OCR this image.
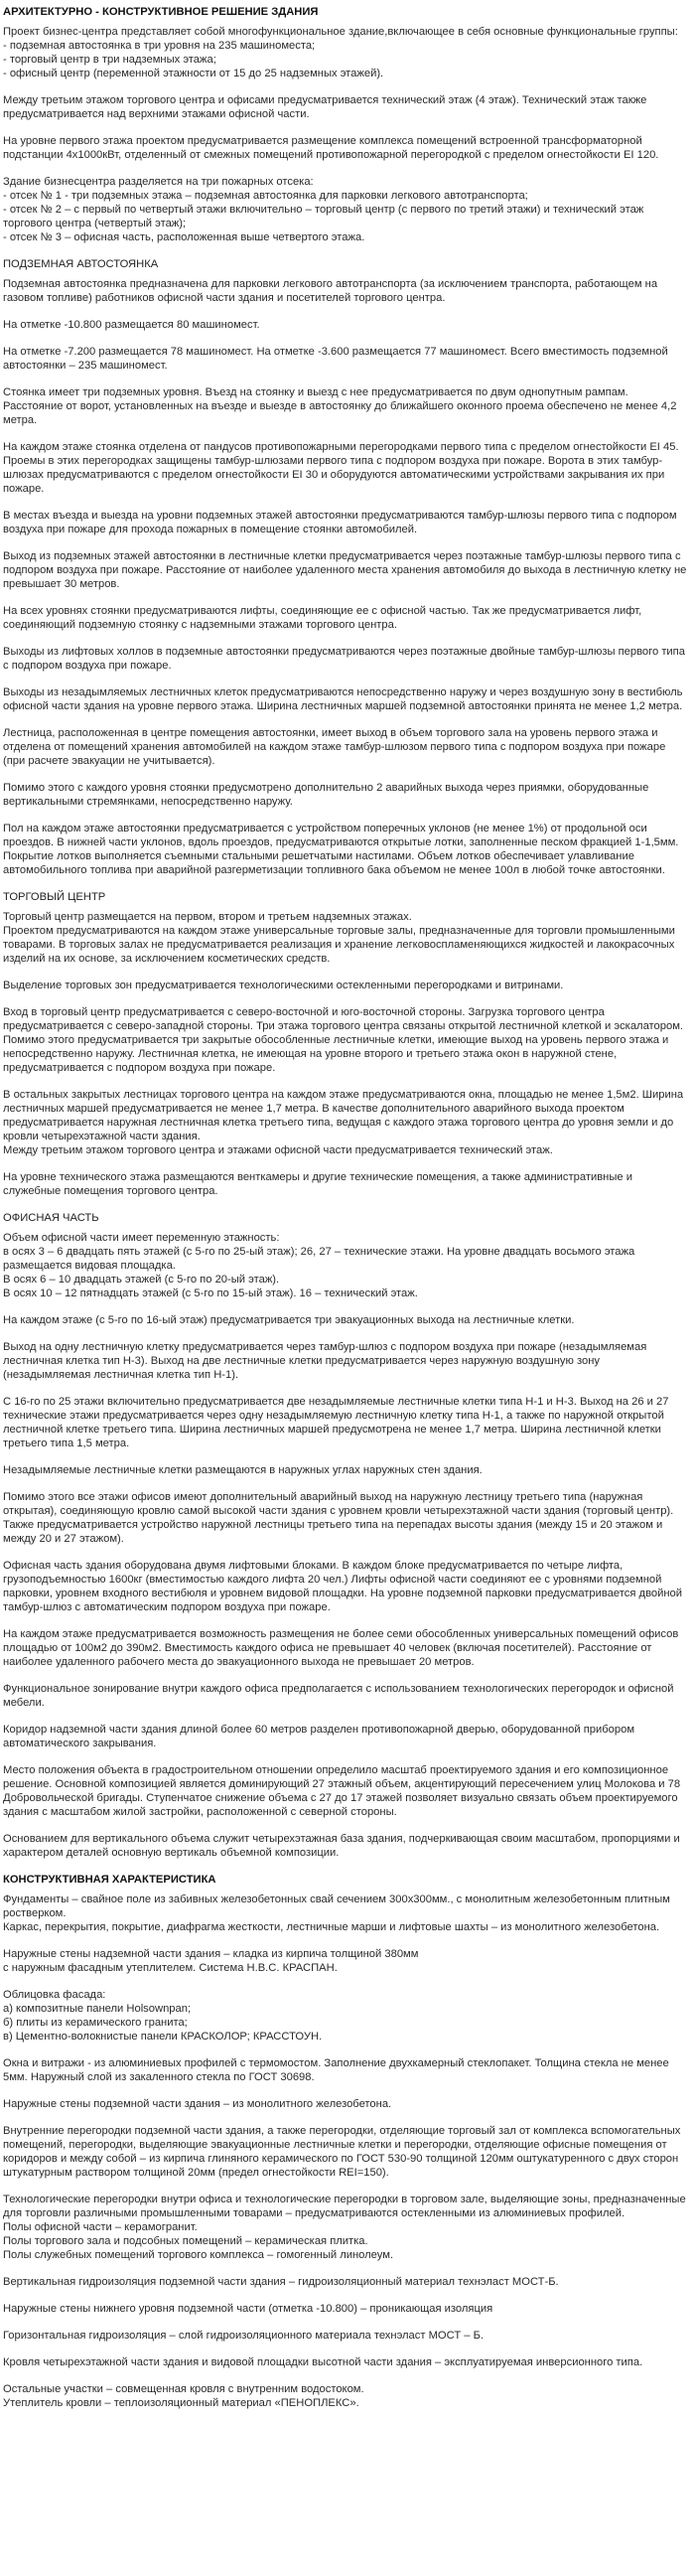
АРХИТЕКТУРНО - КОНСТРУКТИВНОЕ РЕШЕНИЕ ЗДАНИЯ

Проект бизнес-центра представляет собой многофункциональное здание,включающее в себя основные функциональные группы:
- подземная автостоянка в три уровня на 235 машиноместа;
- торговый центр в три надземных этажа;
- офисный центр (переменной этажности от 15 до 25 надземных этажей).

Между третьим этажом торгового центра и офисами предусматривается технический этаж (4 этаж). Технический этаж также предусматривается над верхними этажами офисной части.

На уровне первого этажа проектом предусматривается размещение комплекса помещений встроенной трансформаторной подстанции 4х1000кВт, отделенный от смежных помещений противопожарной перегородкой с пределом огнестойкости EI 120.

Здание бизнесцентра разделяется на три пожарных отсека:
- отсек № 1 - три подземных этажа – подземная автостоянка для парковки легкового автотранспорта;
- отсек № 2 – с первый по четвертый этажи включительно – торговый центр (с первого по третий этажи) и технический этаж торгового центра (четвертый этаж);
- отсек № 3 – офисная часть, расположенная выше четвертого этажа.

ПОДЗЕМНАЯ АВТОСТОЯНКА

Подземная автостоянка предназначена для парковки легкового автотранспорта (за исключением транспорта, работающем на газовом топливе) работников офисной части здания и посетителей торгового центра.

На отметке -10.800 размещается 80 машиномест.

На отметке -7.200 размещается 78 машиномест. На отметке -3.600 размещается 77 машиномест. Всего вместимость подземной автостоянки – 235 машиномест.

Стоянка имеет три подземных уровня. Въезд на стоянку и выезд с нее предусматривается по двум однопутным рампам. Расстояние от ворот, установленных на въезде и выезде в автостоянку до ближайшего оконного проема обеспечено не менее 4,2 метра.

На каждом этаже стоянка отделена от пандусов противопожарными перегородками первого типа с пределом огнестойкости EI 45. Проемы в этих перегородках защищены тамбур-шлюзами первого типа с подпором воздуха при пожаре. Ворота в этих тамбур-шлюзах предусматриваются с пределом огнестойкости EI 30 и оборудуются автоматическими устройствами закрывания их при пожаре.

В местах въезда и выезда на уровни подземных этажей автостоянки предусматриваются тамбур-шлюзы первого типа с подпором воздуха при пожаре для прохода пожарных в помещение стоянки автомобилей.

Выход из подземных этажей автостоянки в лестничные клетки предусматривается через поэтажные тамбур-шлюзы первого типа с подпором воздуха при пожаре. Расстояние от наиболее удаленного места хранения автомобиля до выхода в лестничную клетку не превышает 30 метров.

На всех уровнях стоянки предусматриваются лифты, соединяющие ее с офисной частью. Так же предусматривается лифт, соединяющий подземную стоянку с надземными этажами торгового центра.

Выходы из лифтовых холлов в подземные автостоянки предусматриваются через поэтажные двойные тамбур-шлюзы первого типа с подпором воздуха при пожаре.

Выходы из незадымляемых лестничных клеток предусматриваются непосредственно наружу и через воздушную зону в вестибюль офисной части здания на уровне первого этажа. Ширина лестничных маршей подземной автостоянки принята не менее 1,2 метра.

Лестница, расположенная в центре помещения автостоянки, имеет выход в объем торгового зала на уровень первого этажа и отделена от помещений хранения автомобилей на каждом этаже тамбур-шлюзом первого типа с подпором воздуха при пожаре (при расчете эвакуации не учитывается).

Помимо этого с каждого уровня стоянки предусмотрено дополнительно 2 аварийных выхода через приямки, оборудованные вертикальными стремянками, непосредственно наружу.

Пол на каждом этаже автостоянки предусматривается с устройством поперечных уклонов (не менее 1%) от продольной оси проездов. В нижней части уклонов, вдоль проездов, предусматриваются открытые лотки, заполненные песком фракцией 1-1,5мм. Покрытие лотков выполняется съемными стальными решетчатыми настилами. Объем лотков обеспечивает улавливание автомобильного топлива при аварийной разгерметизации топливного бака объемом не менее 100л в любой точке автостоянки.

ТОРГОВЫЙ ЦЕНТР

Торговый центр размещается на первом, втором и третьем надземных этажах.
Проектом предусматриваются на каждом этаже универсальные торговые залы, предназначенные для торговли промышленными товарами. В торговых залах не предусматривается реализация и хранение легковоспламеняющихся жидкостей и лакокрасочных изделий на их основе, за исключением косметических средств.

Выделение торговых зон предусматривается технологическими остекленными перегородками и витринами.

Вход в торговый центр предусматривается с северо-восточной и юго-восточной стороны. Загрузка торгового центра предусматривается с северо-западной стороны. Три этажа торгового центра связаны открытой лестничной клеткой и эскалатором. Помимо этого предусматривается три закрытые обособленные лестничные клетки, имеющие выход на уровень первого этажа и непосредственно наружу. Лестничная клетка, не имеющая на уровне второго и третьего этажа окон в наружной стене, предусматривается с подпором воздуха при пожаре.

В остальных закрытых лестницах торгового центра на каждом этаже предусматриваются окна, площадью не менее 1,5м2. Ширина лестничных маршей предусматривается не менее 1,7 метра. В качестве дополнительного аварийного выхода проектом предусматривается наружная лестничная клетка третьего типа, ведущая с каждого этажа торгового центра до уровня земли и до кровли четырехэтажной части здания.
Между третьим этажом торгового центра и этажами офисной части предусматривается технический этаж.

На уровне технического этажа размещаются венткамеры и другие технические помещения, а также административные и служебные помещения торгового центра.

ОФИСНАЯ ЧАСТЬ

Объем офисной части имеет переменную этажность:
в осях 3 – 6 двадцать пять этажей (с 5-го по 25-ый этаж); 26, 27 – технические этажи. На уровне двадцать восьмого этажа размещается видовая площадка.
В осях 6 – 10 двадцать этажей (с 5-го по 20-ый этаж).
В осях 10 – 12 пятнадцать этажей (с 5-го по 15-ый этаж). 16 – технический этаж.

На каждом этаже (с 5-го по 16-ый этаж) предусматривается три эвакуационных выхода на лестничные клетки.

Выход на одну лестничную клетку предусматривается через тамбур-шлюз с подпором воздуха при пожаре (незадымляемая лестничная клетка тип Н-3). Выход на две лестничные клетки предусматривается через наружную воздушную зону (незадымляемая лестничная клетка тип Н-1).

С 16-го по 25 этажи включительно предусматривается две незадымляемые лестничные клетки типа Н-1 и Н-3. Выход на 26 и 27 технические этажи предусматривается через одну незадымляемую лестничную клетку типа Н-1, а также по наружной открытой лестничной клетке третьего типа. Ширина лестничных маршей предусмотрена не менее 1,7 метра. Ширина лестничной клетки третьего типа 1,5 метра.

Незадымляемые лестничные клетки размещаются в наружных углах наружных стен здания.

Помимо этого все этажи офисов имеют дополнительный аварийный выход на наружную лестницу третьего типа (наружная открытая), соединяющую кровлю самой высокой части здания с уровнем кровли четырехэтажной части здания (торговый центр). Также предусматривается устройство наружной лестницы третьего типа на перепадах высоты здания (между 15 и 20 этажом и между 20 и 27 этажом).

Офисная часть здания оборудована двумя лифтовыми блоками. В каждом блоке предусматривается по четыре лифта, грузоподъемностью 1600кг (вместимостью каждого лифта 20 чел.) Лифты офисной части соединяют ее с уровнями подземной парковки, уровнем входного вестибюля и уровнем видовой площадки. На уровне подземной парковки предусматривается двойной тамбур-шлюз с автоматическим подпором воздуха при пожаре.

На каждом этаже предусматривается возможность размещения не более семи обособленных универсальных помещений офисов площадью от 100м2 до 390м2. Вместимость каждого офиса не превышает 40 человек (включая посетителей). Расстояние от наиболее удаленного рабочего места до эвакуационного выхода не превышает 20 метров.

Функциональное зонирование внутри каждого офиса предполагается с использованием технологических перегородок и офисной мебели.

Коридор надземной части здания длиной более 60 метров разделен противопожарной дверью, оборудованной прибором автоматического закрывания.

Место положения объекта в градостроительном отношении определило масштаб проектируемого здания и его композиционное решение. Основной композицией является доминирующий 27 этажный объем, акцентирующий пересечением улиц Молокова и 78 Добровольческой бригады. Ступенчатое снижение объема с 27 до 17 этажей позволяет визуально связать объем проектируемого здания с масштабом жилой застройки, расположенной с северной стороны.

Основанием для вертикального объема служит четырехэтажная база здания, подчеркивающая своим масштабом, пропорциями и характером деталей основную вертикаль объемной композиции.

КОНСТРУКТИВНАЯ ХАРАКТЕРИСТИКА

Фундаменты – свайное поле из забивных железобетонных свай сечением 300х300мм., с монолитным железобетонным плитным ростверком.
Каркас, перекрытия, покрытие, диафрагма жесткости, лестничные марши и лифтовые шахты – из монолитного железобетона.

Наружные стены надземной части здания – кладка из кирпича толщиной 380мм
с наружным фасадным утеплителем. Система Н.В.С. КРАСПАН.

Облицовка фасада:
а) композитные панели Holsownpan;
б) плиты из керамического гранита;
в) Цементно-волокнистые панели КРАСКОЛОР; КРАССТОУН.

Окна и витражи - из алюминиевых профилей с термомостом. Заполнение двухкамерный стеклопакет. Толщина стекла не менее 5мм. Наружный слой из закаленного стекла по ГОСТ 30698.

Наружные стены подземной части здания – из монолитного железобетона.

Внутренние перегородки подземной части здания, а также перегородки, отделяющие торговый зал от комплекса вспомогательных помещений, перегородки, выделяющие эвакуационные лестничные клетки и перегородки, отделяющие офисные помещения от коридоров и между собой – из кирпича глиняного керамического по ГОСТ 530-90 толщиной 120мм оштукатуренного с двух сторон штукатурным раствором толщиной 20мм (предел огнестойкости REI=150).

Технологические перегородки внутри офиса и технологические перегородки в торговом зале, выделяющие зоны, предназначенные для торговли различными промышленными товарами – предусматриваются остекленными из алюминиевых профилей.
Полы офисной части – керамогранит.
Полы торгового зала и подсобных помещений – керамическая плитка.
Полы служебных помещений торгового комплекса – гомогенный линолеум.

Вертикальная гидроизоляция подземной части здания – гидроизоляционный материал технэласт МОСТ-Б.

Наружные стены нижнего уровня подземной части (отметка -10.800) – проникающая изоляция

Горизонтальная гидроизоляция – слой гидроизоляционного материала технэласт МОСТ – Б.

Кровля четырехэтажной части здания и видовой площадки высотной части здания – эксплуатируемая инверсионного типа.

Остальные участки – совмещенная кровля с внутренним водостоком.
Утеплитель кровли – теплоизоляционный материал «ПЕНОПЛЕКС».
